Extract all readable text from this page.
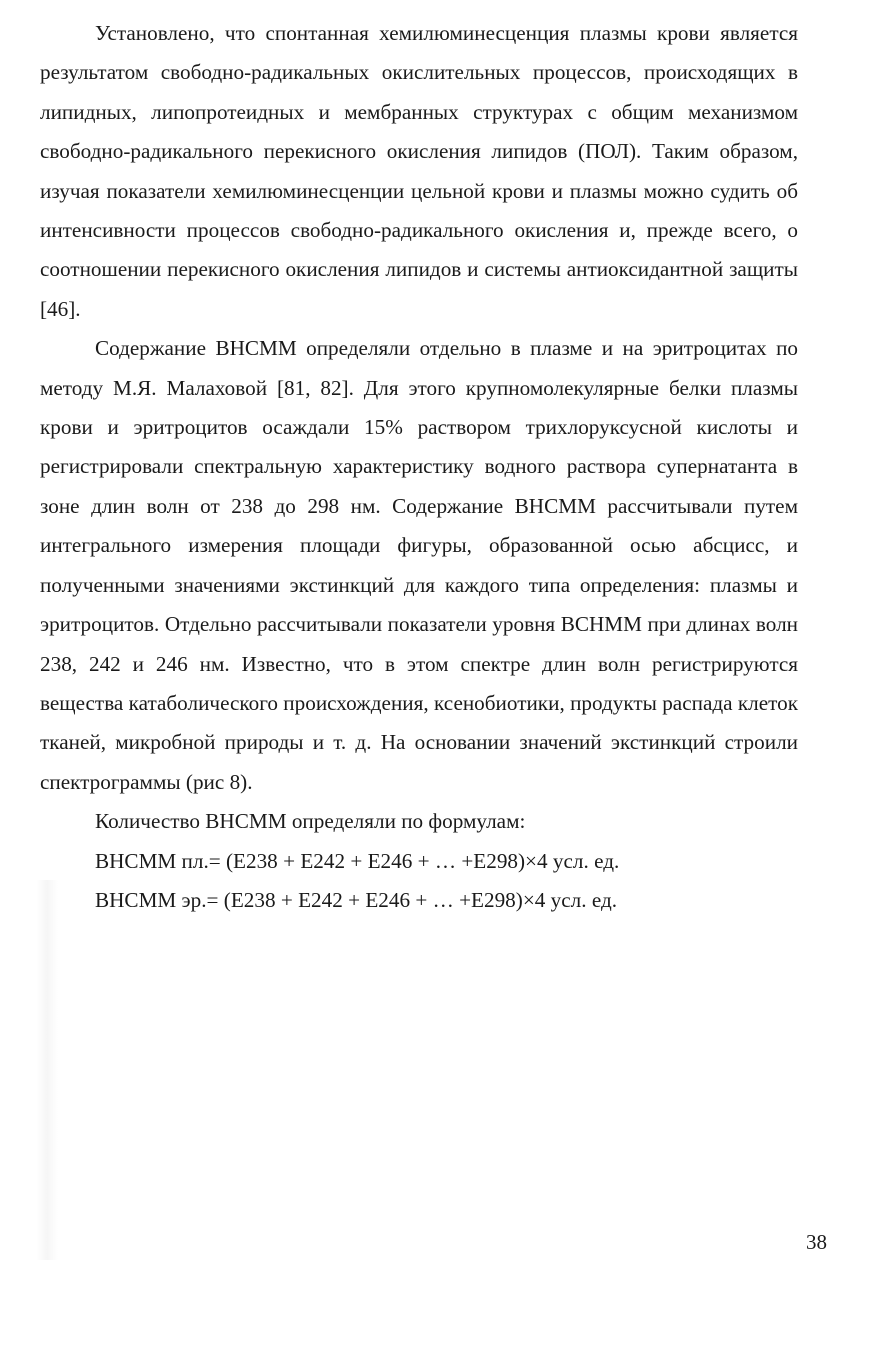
Установлено, что спонтанная хемилюминесценция плазмы крови является результатом свободно-радикальных окислительных процессов, происходящих в липидных, липопротеидных и мембранных структурах с общим механизмом свободно-радикального перекисного окисления липидов (ПОЛ). Таким образом, изучая показатели хемилюминесценции цельной крови и плазмы можно судить об интенсивности процессов свободно-радикального окисления и, прежде всего, о соотношении перекисного окисления липидов и системы антиоксидантной защиты [46].

Содержание ВНСММ определяли отдельно в плазме и на эритроцитах по методу М.Я. Малаховой [81, 82]. Для этого крупномолекулярные белки плазмы крови и эритроцитов осаждали 15% раствором трихлоруксусной кислоты и регистрировали спектральную характеристику водного раствора супернатанта в зоне длин волн от 238 до 298 нм. Содержание ВНСММ рассчитывали путем интегрального измерения площади фигуры, образованной осью абсцисс, и полученными значениями экстинкций для каждого типа определения: плазмы и эритроцитов. Отдельно рассчитывали показатели уровня ВСНММ при длинах волн 238, 242 и 246 нм. Известно, что в этом спектре длин волн регистрируются вещества катаболического происхождения, ксенобиотики, продукты распада клеток тканей, микробной природы и т. д. На основании значений экстинкций строили спектрограммы (рис 8).

Количество ВНСММ определяли по формулам:

ВНСММ пл.= (Е238 + Е242 + Е246 + … +Е298)×4 усл. ед.

ВНСММ эр.= (Е238 + Е242 + Е246 + … +Е298)×4 усл. ед.

38
